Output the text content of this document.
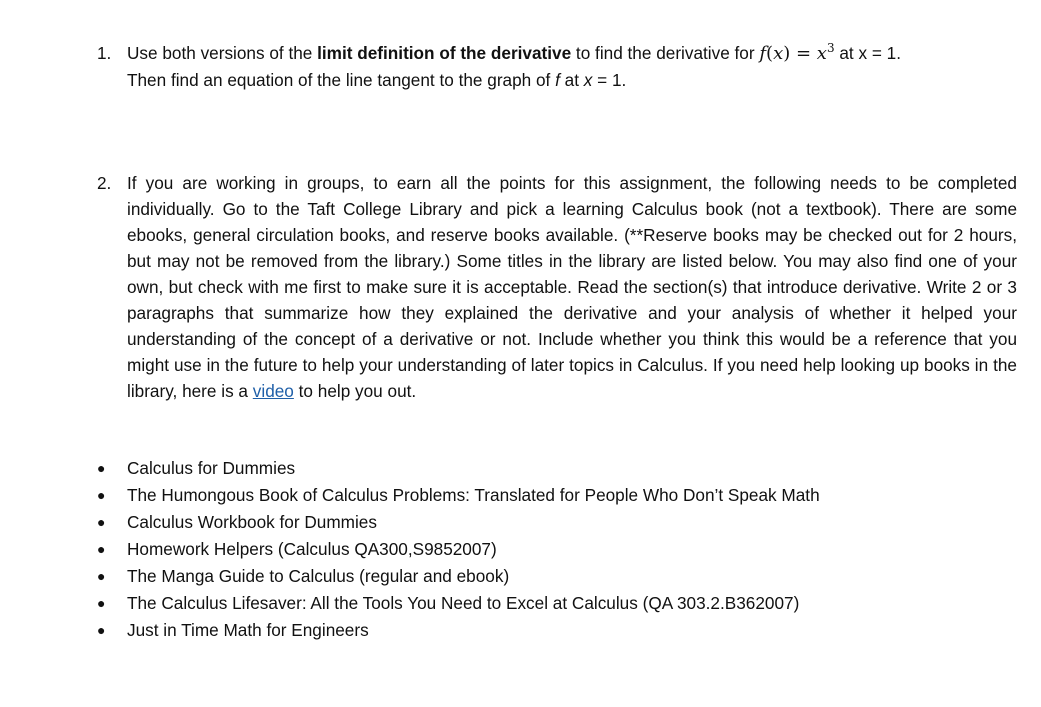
1. Use both versions of the limit definition of the derivative to find the derivative for $f(x) = x^3$ at x = 1.
Then find an equation of the line tangent to the graph of f at x = 1.
2. If you are working in groups, to earn all the points for this assignment, the following needs to be completed individually. Go to the Taft College Library and pick a learning Calculus book (not a textbook). There are some ebooks, general circulation books, and reserve books available. (**Reserve books may be checked out for 2 hours, but may not be removed from the library.) Some titles in the library are listed below. You may also find one of your own, but check with me first to make sure it is acceptable. Read the section(s) that introduce derivative. Write 2 or 3 paragraphs that summarize how they explained the derivative and your analysis of whether it helped your understanding of the concept of a derivative or not. Include whether you think this would be a reference that you might use in the future to help your understanding of later topics in Calculus. If you need help looking up books in the library, here is a video to help you out.
●	Calculus for Dummies
●	The Humongous Book of Calculus Problems: Translated for People Who Don’t Speak Math
●	Calculus Workbook for Dummies
●	Homework Helpers (Calculus QA300,S9852007)
●	The Manga Guide to Calculus (regular and ebook)
●	The Calculus Lifesaver: All the Tools You Need to Excel at Calculus (QA 303.2.B362007)
●	Just in Time Math for Engineers
